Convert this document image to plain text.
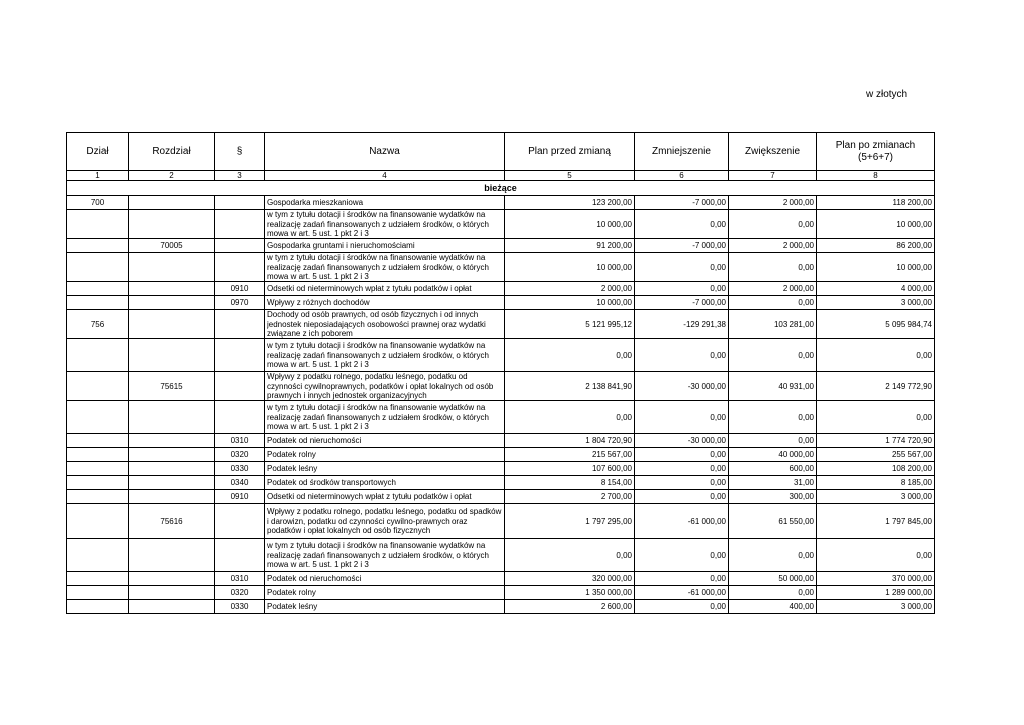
w złotych
Dział	Rozdział	§	Nazwa	Plan przed zmianą	Zmniejszenie	Zwiększenie	Plan po zmianach (5+6+7)
1	2	3	4	5	6	7	8
bieżące							
700			Gospodarka mieszkaniowa	123 200,00	-7 000,00	2 000,00	118 200,00

			w tym z tytułu dotacji i środków na finansowanie wydatków na realizację zadań finansowanych z udziałem środków, o których mowa w art. 5 ust. 1 pkt 2 i 3	10 000,00	0,00	0,00	10 000,00
	70005		Gospodarka gruntami i nieruchomościami	91 200,00	-7 000,00	2 000,00	86 200,00

			w tym z tytułu dotacji i środków na finansowanie wydatków na realizację zadań finansowanych z udziałem środków, o których mowa w art. 5 ust. 1 pkt 2 i 3	10 000,00	0,00	0,00	10 000,00
		0910	Odsetki od nieterminowych wpłat z tytułu podatków i opłat	2 000,00	0,00	2 000,00	4 000,00
		0970	Wpływy z różnych dochodów	10 000,00	-7 000,00	0,00	3 000,00
756			Dochody od osób prawnych, od osób fizycznych i od innych jednostek nieposiadających osobowości prawnej oraz wydatki związane z ich poborem	5 121 995,12	-129 291,38	103 281,00	5 095 984,74

			w tym z tytułu dotacji i środków na finansowanie wydatków na realizację zadań finansowanych z udziałem środków, o których mowa w art. 5 ust. 1 pkt 2 i 3	0,00	0,00	0,00	0,00
	75615		Wpływy z podatku rolnego, podatku leśnego, podatku od czynności cywilnoprawnych, podatków i opłat lokalnych od osób prawnych i innych jednostek organizacyjnych	2 138 841,90	-30 000,00	40 931,00	2 149 772,90

			w tym z tytułu dotacji i środków na finansowanie wydatków na realizację zadań finansowanych z udziałem środków, o których mowa w art. 5 ust. 1 pkt 2 i 3	0,00	0,00	0,00	0,00
		0310	Podatek od nieruchomości	1 804 720,90	-30 000,00	0,00	1 774 720,90
		0320	Podatek rolny	215 567,00	0,00	40 000,00	255 567,00
		0330	Podatek leśny	107 600,00	0,00	600,00	108 200,00
		0340	Podatek od środków transportowych	8 154,00	0,00	31,00	8 185,00
		0910	Odsetki od nieterminowych wpłat z tytułu podatków i opłat	2 700,00	0,00	300,00	3 000,00
	75616		Wpływy z podatku rolnego, podatku leśnego, podatku od spadków i darowizn, podatku od czynności cywilno-prawnych oraz podatków i opłat lokalnych od osób fizycznych	1 797 295,00	-61 000,00	61 550,00	1 797 845,00

			w tym z tytułu dotacji i środków na finansowanie wydatków na realizację zadań finansowanych z udziałem środków, o których mowa w art. 5 ust. 1 pkt 2 i 3	0,00	0,00	0,00	0,00
		0310	Podatek od nieruchomości	320 000,00	0,00	50 000,00	370 000,00
		0320	Podatek rolny	1 350 000,00	-61 000,00	0,00	1 289 000,00
		0330	Podatek leśny	2 600,00	0,00	400,00	3 000,00
